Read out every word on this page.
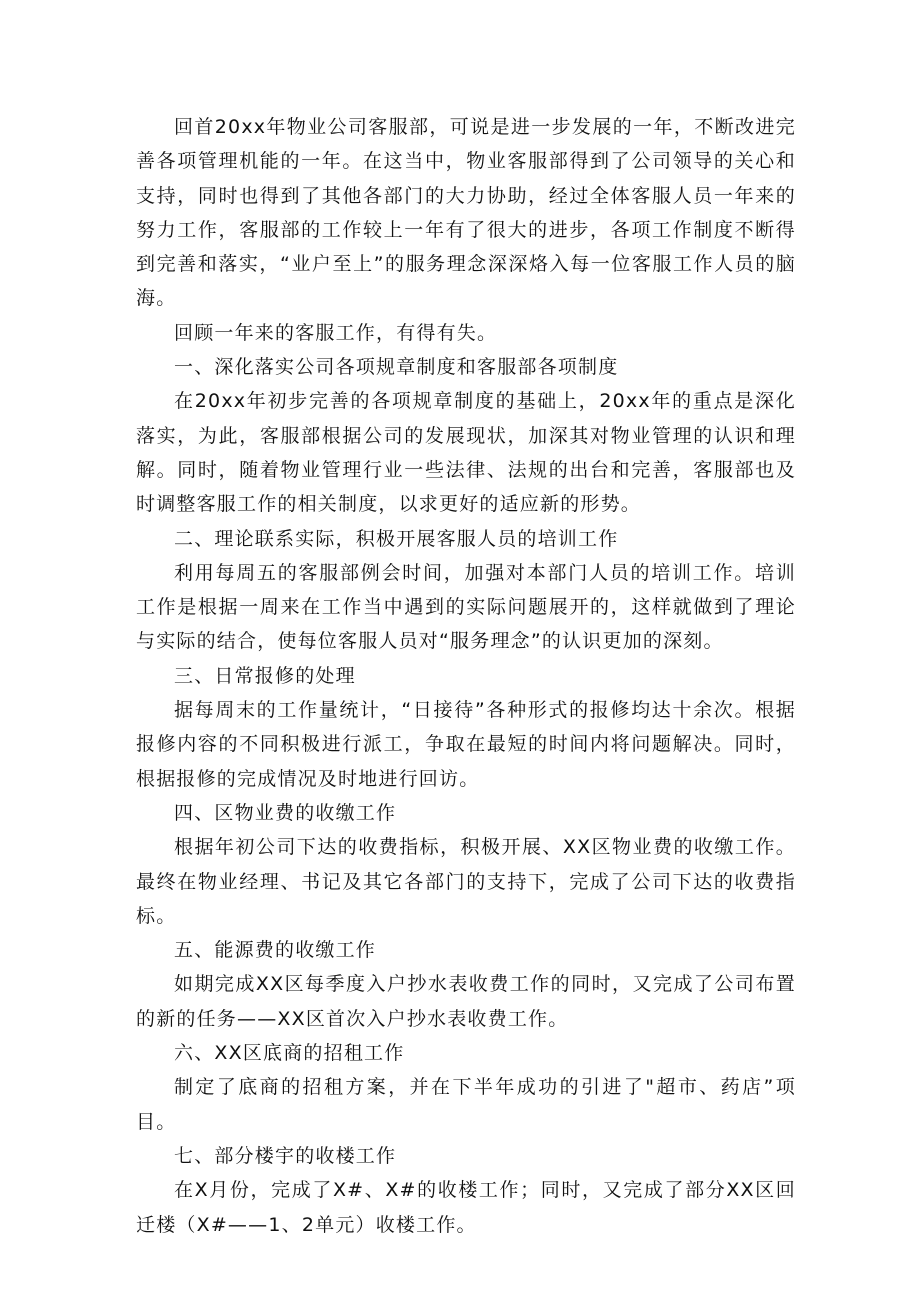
回首20xx年物业公司客服部，可说是进一步发展的一年，不断改进完善各项管理机能的一年。在这当中，物业客服部得到了公司领导的关心和支持，同时也得到了其他各部门的大力协助，经过全体客服人员一年来的努力工作，客服部的工作较上一年有了很大的进步，各项工作制度不断得到完善和落实，“业户至上”的服务理念深深烙入每一位客服工作人员的脑海。

回顾一年来的客服工作，有得有失。

一、深化落实公司各项规章制度和客服部各项制度

在20xx年初步完善的各项规章制度的基础上，20xx年的重点是深化落实，为此，客服部根据公司的发展现状，加深其对物业管理的认识和理解。同时，随着物业管理行业一些法律、法规的出台和完善，客服部也及时调整客服工作的相关制度，以求更好的适应新的形势。

二、理论联系实际，积极开展客服人员的培训工作

利用每周五的客服部例会时间，加强对本部门人员的培训工作。培训工作是根据一周来在工作当中遇到的实际问题展开的，这样就做到了理论与实际的结合，使每位客服人员对“服务理念”的认识更加的深刻。

三、日常报修的处理

据每周末的工作量统计，“日接待”各种形式的报修均达十余次。根据报修内容的不同积极进行派工，争取在最短的时间内将问题解决。同时，根据报修的完成情况及时地进行回访。

四、区物业费的收缴工作

根据年初公司下达的收费指标，积极开展、XX区物业费的收缴工作。最终在物业经理、书记及其它各部门的支持下，完成了公司下达的收费指标。

五、能源费的收缴工作

如期完成XX区每季度入户抄水表收费工作的同时，又完成了公司布置的新的任务——XX区首次入户抄水表收费工作。

六、XX区底商的招租工作

制定了底商的招租方案，并在下半年成功的引进了"超市、药店”项目。

七、部分楼宇的收楼工作

在X月份，完成了X#、X#的收楼工作；同时，又完成了部分XX区回迁楼（X#——1、2单元）收楼工作。
